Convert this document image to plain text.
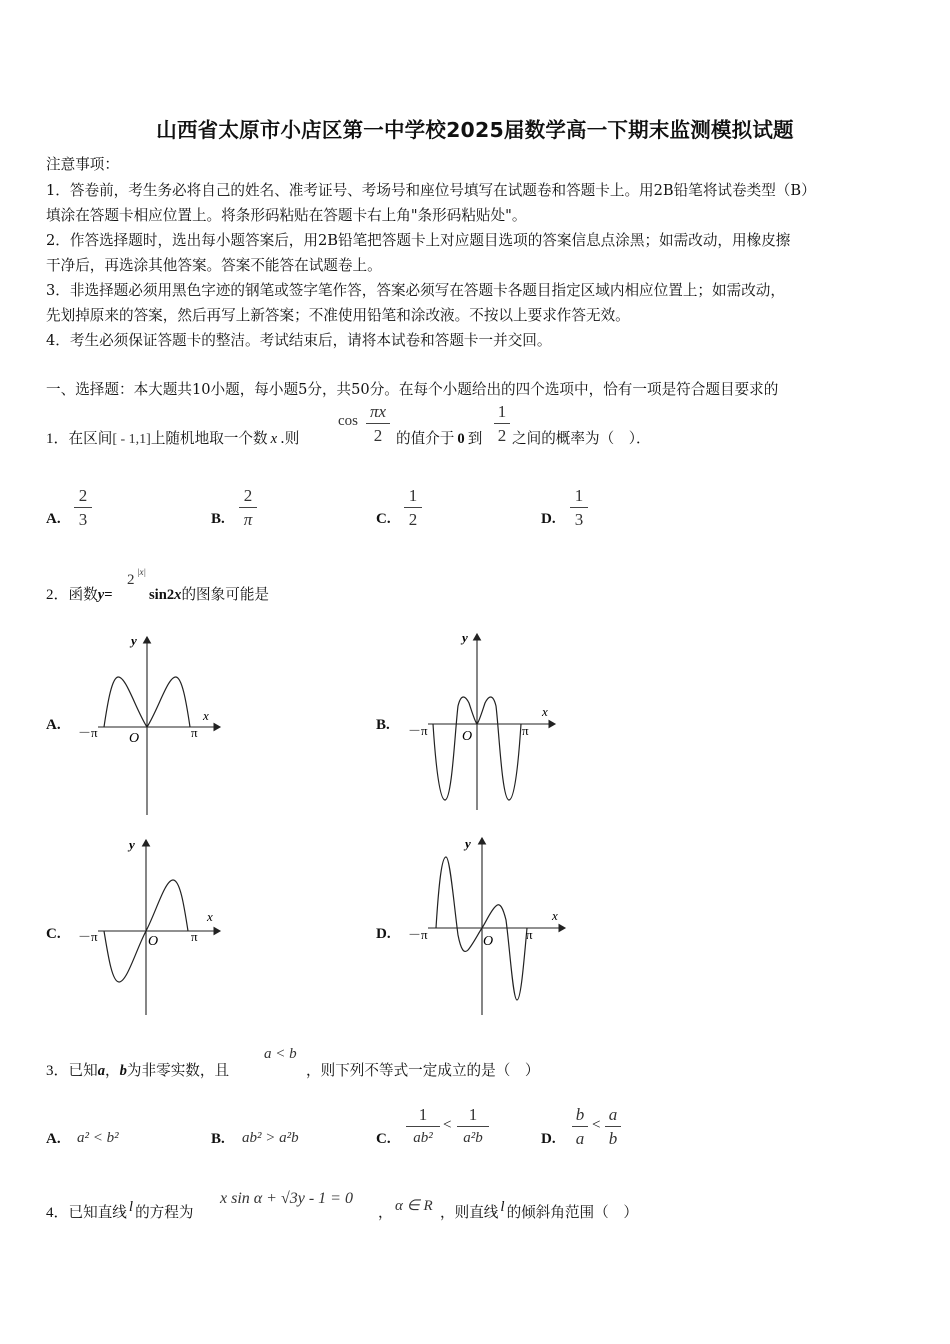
山西省太原市小店区第一中学校2025届数学高一下期末监测模拟试题
注意事项：
1．答卷前，考生务必将自己的姓名、准考证号、考场号和座位号填写在试题卷和答题卡上。用2B铅笔将试卷类型（B）
填涂在答题卡相应位置上。将条形码粘贴在答题卡右上角"条形码粘贴处"。
2．作答选择题时，选出每小题答案后，用2B铅笔把答题卡上对应题目选项的答案信息点涂黑；如需改动，用橡皮擦
干净后，再选涂其他答案。答案不能答在试题卷上。
3．非选择题必须用黑色字迹的钢笔或签字笔作答，答案必须写在答题卡各题目指定区域内相应位置上；如需改动，
先划掉原来的答案，然后再写上新答案；不准使用铅笔和涂改液。不按以上要求作答无效。
4．考生必须保证答题卡的整洁。考试结束后，请将本试卷和答题卡一并交回。
一、选择题：本大题共10小题，每小题5分，共50分。在每个小题给出的四个选项中，恰有一项是符合题目要求的
1．在区间[ - 1,1]上随机地取一个数 x .则
cos πx
2 的值介于 0 到
1
2 之间的概率为（　）．
A.
2
3	B.
2
π	C.
1
2	D.
1
3
2．函数y=
2 |x|
sin2x的图象可能是
A.	B.
C.	D.
y
x
O
－π	π
y
x
O
－π	π
y
x
O
－π	π
y
x
O
－π	π
3．已知a，b为非零实数，且
a < b
，则下列不等式一定成立的是（　）
A. a² < b²	B. ab² > a²b	C.
1
ab²
<
1
a²b	D.
b
a
<
a
b
4．已知直线 l 的方程为
x sin α + √3y - 1 = 0
， α ∈ R ，则直线 l 的倾斜角范围（　）
